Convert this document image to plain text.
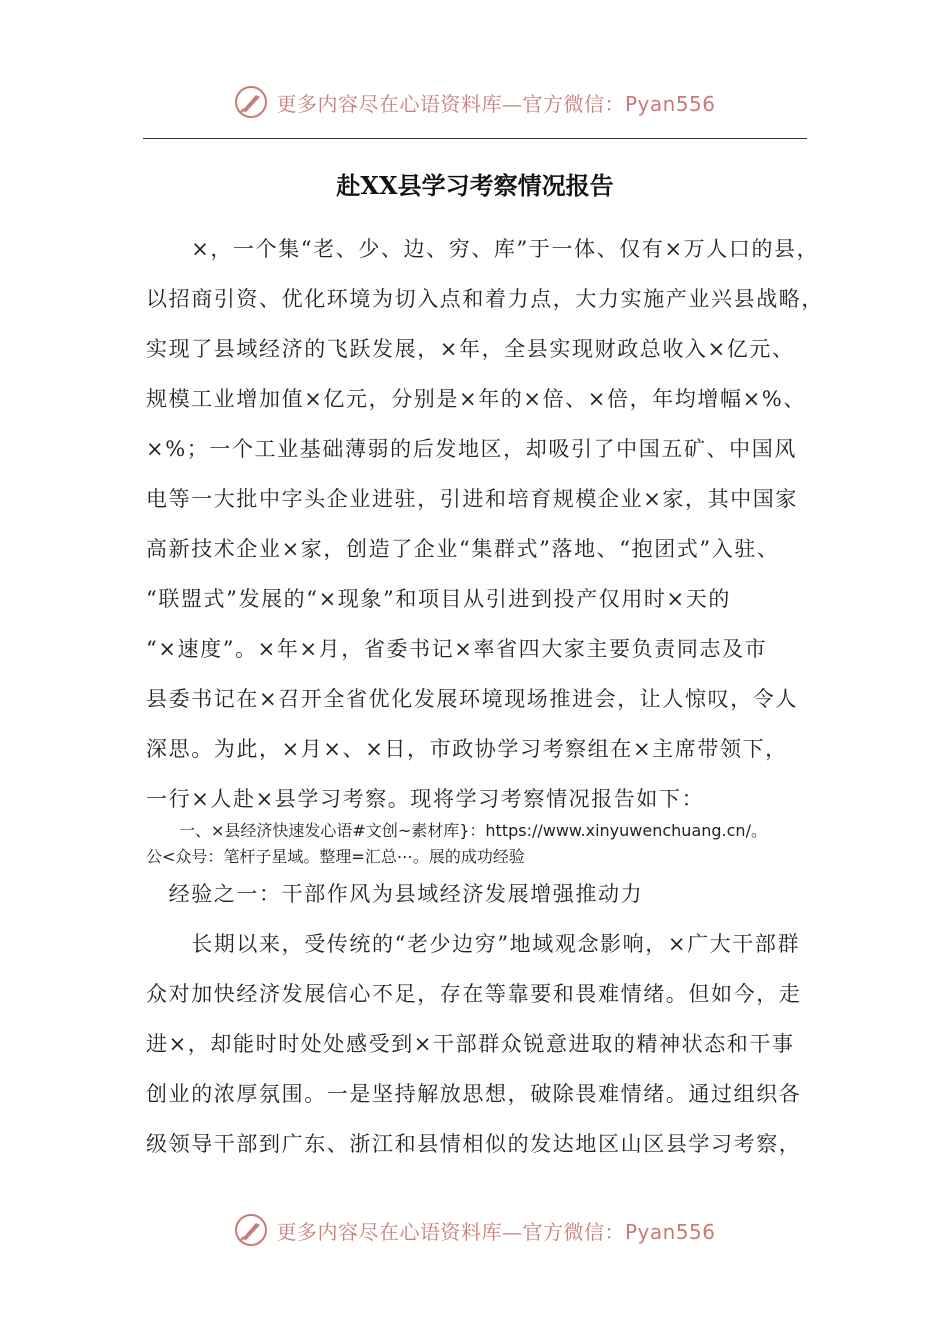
更多内容尽在心语资料库—官方微信：Pyan556
赴XX县学习考察情况报告
　　×，一个集“老、少、边、穷、库”于一体、仅有×万人口的县，
以招商引资、优化环境为切入点和着力点，大力实施产业兴县战略，
实现了县域经济的飞跃发展，×年，全县实现财政总收入×亿元、
规模工业增加值×亿元，分别是×年的×倍、×倍，年均增幅×%、
×%；一个工业基础薄弱的后发地区，却吸引了中国五矿、中国风
电等一大批中字头企业进驻，引进和培育规模企业×家，其中国家
高新技术企业×家，创造了企业“集群式”落地、“抱团式”入驻、
“联盟式”发展的“×现象”和项目从引进到投产仅用时×天的
“×速度”。×年×月，省委书记×率省四大家主要负责同志及市
县委书记在×召开全省优化发展环境现场推进会，让人惊叹，令人
深思。为此，×月×、×日，市政协学习考察组在×主席带领下，
一行×人赴×县学习考察。现将学习考察情况报告如下：
一、×县经济快速发心语#文创~素材库}：https://www.xinyuwenchuang.cn/。
公<众号：笔杆子星域。整理=汇总⋯。展的成功经验
　经验之一：干部作风为县域经济发展增强推动力
　　长期以来，受传统的“老少边穷”地域观念影响，×广大干部群
众对加快经济发展信心不足，存在等靠要和畏难情绪。但如今，走
进×，却能时时处处感受到×干部群众锐意进取的精神状态和干事
创业的浓厚氛围。一是坚持解放思想，破除畏难情绪。通过组织各
级领导干部到广东、浙江和县情相似的发达地区山区县学习考察，
更多内容尽在心语资料库—官方微信：Pyan556
